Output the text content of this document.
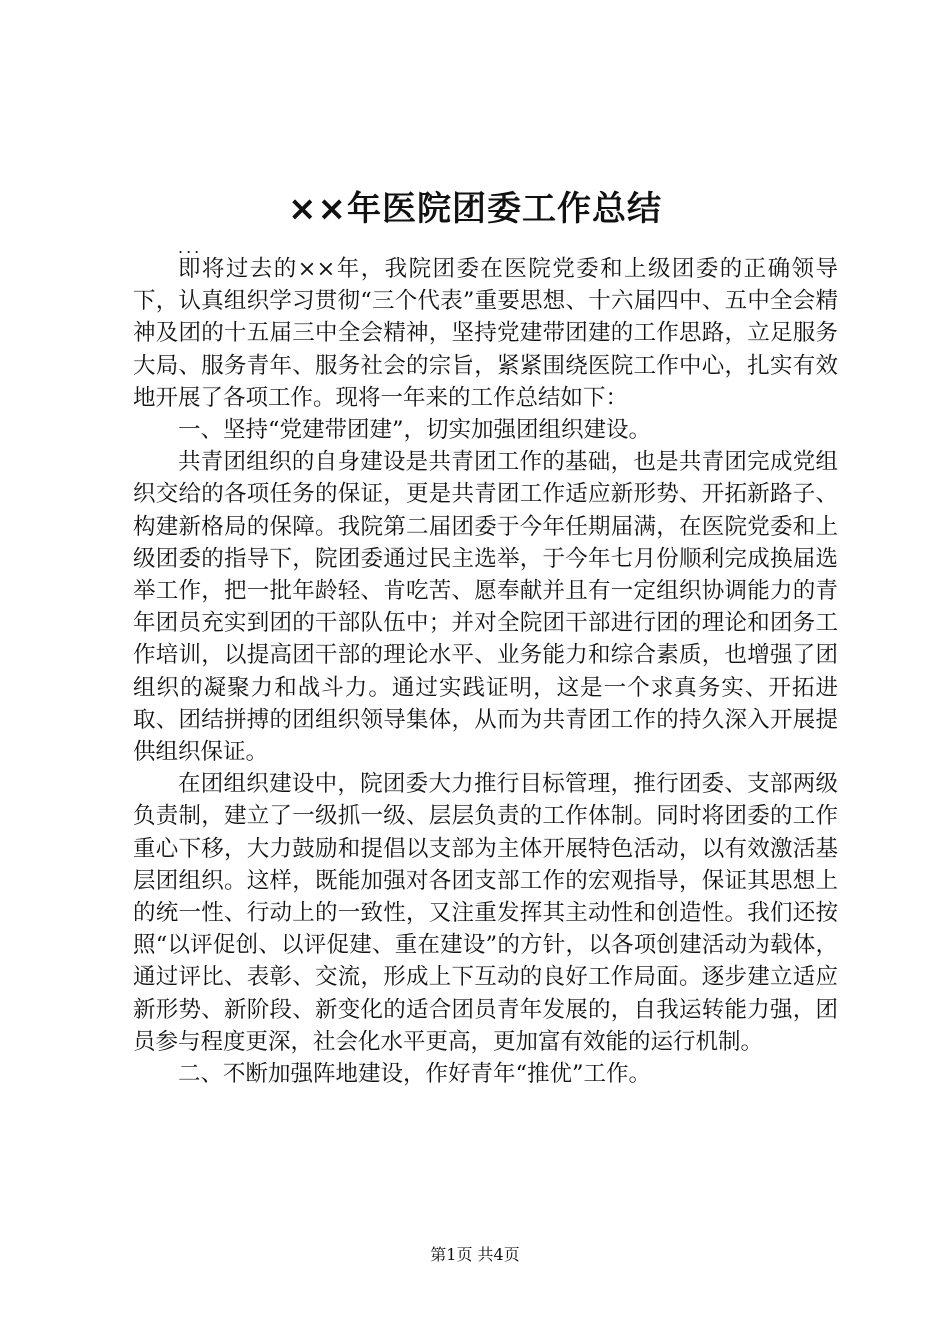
××年医院团委工作总结
...

即将过去的××年，我院团委在医院党委和上级团委的正确领导下，认真组织学习贯彻“三个代表”重要思想、十六届四中、五中全会精神及团的十五届三中全会精神，坚持党建带团建的工作思路，立足服务大局、服务青年、服务社会的宗旨，紧紧围绕医院工作中心，扎实有效地开展了各项工作。现将一年来的工作总结如下：

一、坚持“党建带团建”，切实加强团组织建设。

共青团组织的自身建设是共青团工作的基础，也是共青团完成党组织交给的各项任务的保证，更是共青团工作适应新形势、开拓新路子、构建新格局的保障。我院第二届团委于今年任期届满，在医院党委和上级团委的指导下，院团委通过民主选举，于今年七月份顺利完成换届选举工作，把一批年龄轻、肯吃苦、愿奉献并且有一定组织协调能力的青年团员充实到团的干部队伍中；并对全院团干部进行团的理论和团务工作培训，以提高团干部的理论水平、业务能力和综合素质，也增强了团组织的凝聚力和战斗力。通过实践证明，这是一个求真务实、开拓进取、团结拼搏的团组织领导集体，从而为共青团工作的持久深入开展提供组织保证。

在团组织建设中，院团委大力推行目标管理，推行团委、支部两级负责制，建立了一级抓一级、层层负责的工作体制。同时将团委的工作重心下移，大力鼓励和提倡以支部为主体开展特色活动，以有效激活基层团组织。这样，既能加强对各团支部工作的宏观指导，保证其思想上的统一性、行动上的一致性，又注重发挥其主动性和创造性。我们还按照“以评促创、以评促建、重在建设”的方针，以各项创建活动为载体，通过评比、表彰、交流，形成上下互动的良好工作局面。逐步建立适应新形势、新阶段、新变化的适合团员青年发展的，自我运转能力强，团员参与程度更深，社会化水平更高，更加富有效能的运行机制。

二、不断加强阵地建设，作好青年“推优”工作。

第1页 共4页
